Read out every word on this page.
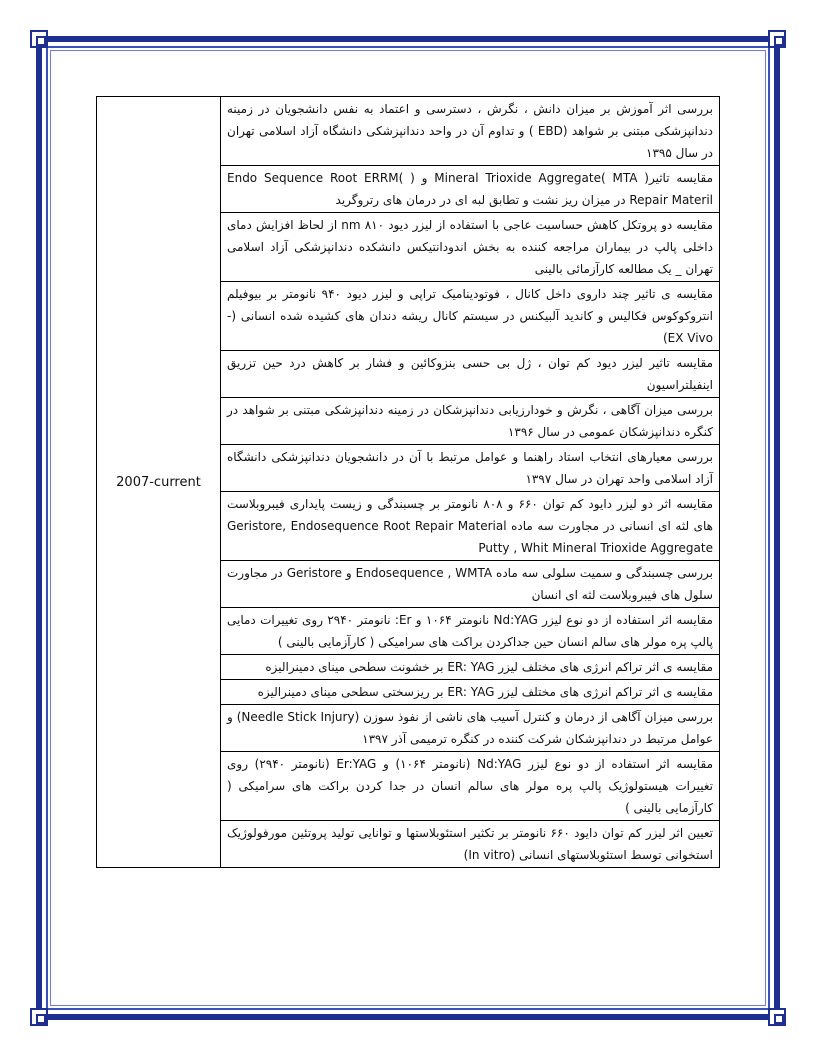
2007-current	بررسی اثر آموزش بر میزان دانش ، نگرش ، دسترسی و اعتماد به نفس دانشجویان در زمینه دندانپزشکی مبتنی بر شواهد (EBD ) و تداوم آن در واحد دندانپزشکی دانشگاه آزاد اسلامی تهران در سال ۱۳۹۵
مقایسه تاثیر( Mineral Trioxide Aggregate( MTA و ( Endo Sequence Root ERRM( Repair Materil در میزان ریز نشت و تطابق لبه ای در درمان های رتروگرید
مقایسه دو پروتکل کاهش حساسیت عاجی با استفاده از لیزر دیود ۸۱۰ nm از لحاظ افزایش دمای داخلی پالپ در بیماران مراجعه کننده به بخش اندودانتیکس دانشکده دندانپزشکی آزاد اسلامی تهران _ یک مطالعه کارآزمائی بالینی
مقایسه ی تاثیر چند داروی داخل کانال ، فوتودینامیک تراپی و لیزر دیود ۹۴۰ نانومتر بر بیوفیلم انتروکوکوس فکالیس و کاندید آلبیکنس در سیستم کانال ریشه دندان های کشیده شده انسانی (-EX Vivo)
مقایسه تاثیر لیزر دیود کم توان ، ژل بی حسی بنزوکائین و فشار بر کاهش درد حین تزریق اینفیلتراسیون
بررسی میزان آگاهی ، نگرش و خودارزیابی دندانپزشکان در زمینه دندانپزشکی مبتنی بر شواهد در کنگره دندانپزشکان عمومی در سال ۱۳۹۶
بررسی معیارهای انتخاب استاد راهنما و عوامل مرتبط با آن در دانشجویان دندانپزشکی دانشگاه آزاد اسلامی واحد تهران در سال ۱۳۹۷
مقایسه اثر دو لیزر دایود کم توان ۶۶۰ و ۸۰۸ نانومتر بر چسبندگی و زیست پایداری فیبروبلاست های لثه ای انسانی در مجاورت سه ماده Geristore, Endosequence Root Repair Material Putty , Whit Mineral Trioxide Aggregate
بررسی چسبندگی و سمیت سلولی سه ماده Endosequence , WMTA و Geristore در مجاورت سلول های فیبروبلاست لثه ای انسان
مقایسه اثر استفاده از دو نوع لیزر Nd:YAG نانومتر ۱۰۶۴ و Er: نانومتر ۲۹۴۰ روی تغییرات دمایی پالپ پره مولر های سالم انسان حین جداکردن براکت های سرامیکی ( کارآزمایی بالینی )
مقایسه ی اثر تراکم انرژی های مختلف لیزر ER: YAG بر خشونت سطحی مینای دمینرالیزه
مقایسه ی اثر تراکم انرژی های مختلف لیزر ER: YAG بر ریزسختی سطحی مینای دمینرالیزه
بررسی میزان آگاهی از درمان و کنترل آسیب های ناشی از نفوذ سوزن (Needle Stick Injury) و عوامل مرتبط در دندانپزشکان شرکت کننده در کنگره ترمیمی آذر ۱۳۹۷
مقایسه اثر استفاده از دو نوع لیزر Nd:YAG (نانومتر ۱۰۶۴) و Er:YAG (نانومتر ۲۹۴۰) روی تغییرات هیستولوژیک پالپ پره مولر های سالم انسان در جدا کردن براکت های سرامیکی ( کارآزمایی بالینی )
تعیین اثر لیزر کم توان دایود ۶۶۰ نانومتر بر تکثیر استئوبلاستها و توانایی تولید پروتئین مورفولوژیک استخوانی توسط استئوبلاستهای انسانی (In vitro)
